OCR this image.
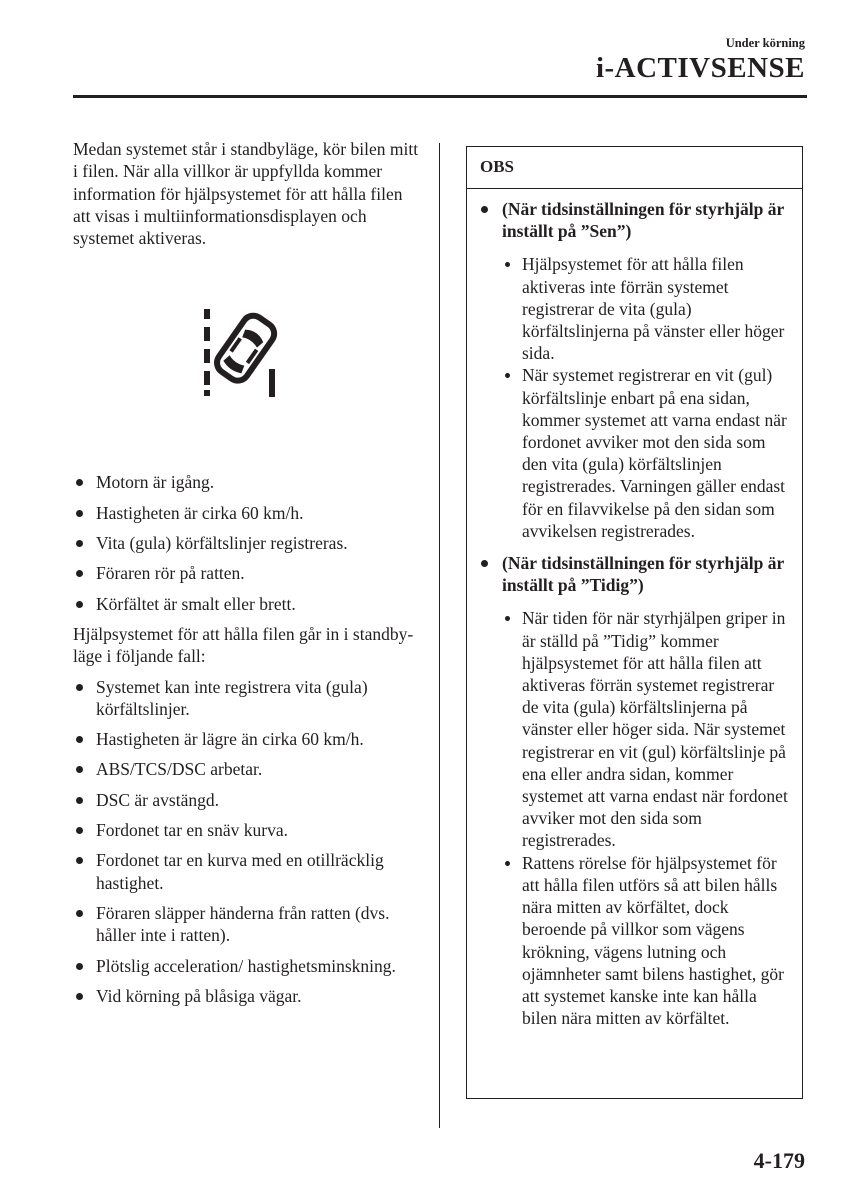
Under körning
i-ACTIVSENSE

Medan systemet står i standbyläge, kör bilen mitt i filen. När alla villkor är uppfyllda kommer information för hjälpsystemet för att hålla filen att visas i multiinformationsdisplayen och systemet aktiveras.

Motorn är igång.
Hastigheten är cirka 60 km/h.
Vita (gula) körfältslinjer registreras.
Föraren rör på ratten.
Körfältet är smalt eller brett.

Hjälpsystemet för att hålla filen går in i standby-läge i följande fall:

Systemet kan inte registrera vita (gula) körfältslinjer.
Hastigheten är lägre än cirka 60 km/h.
ABS/TCS/DSC arbetar.
DSC är avstängd.
Fordonet tar en snäv kurva.
Fordonet tar en kurva med en otillräcklig hastighet.
Föraren släpper händerna från ratten (dvs. håller inte i ratten).
Plötslig acceleration/ hastighetsminskning.
Vid körning på blåsiga vägar.
OBS
(När tidsinställningen för styrhjälp är inställt på ”Sen”)
Hjälpsystemet för att hålla filen aktiveras inte förrän systemet registrerar de vita (gula) körfältslinjerna på vänster eller höger sida.
När systemet registrerar en vit (gul) körfältslinje enbart på ena sidan, kommer systemet att varna endast när fordonet avviker mot den sida som den vita (gula) körfältslinjen registrerades. Varningen gäller endast för en filavvikelse på den sidan som avvikelsen registrerades.
(När tidsinställningen för styrhjälp är inställt på ”Tidig”)
När tiden för när styrhjälpen griper in är ställd på ”Tidig” kommer hjälpsystemet för att hålla filen att aktiveras förrän systemet registrerar de vita (gula) körfältslinjerna på vänster eller höger sida. När systemet registrerar en vit (gul) körfältslinje på ena eller andra sidan, kommer systemet att varna endast när fordonet avviker mot den sida som registrerades.
Rattens rörelse för hjälpsystemet för att hålla filen utförs så att bilen hålls nära mitten av körfältet, dock beroende på villkor som vägens krökning, vägens lutning och ojämnheter samt bilens hastighet, gör att systemet kanske inte kan hålla bilen nära mitten av körfältet.
4-179
